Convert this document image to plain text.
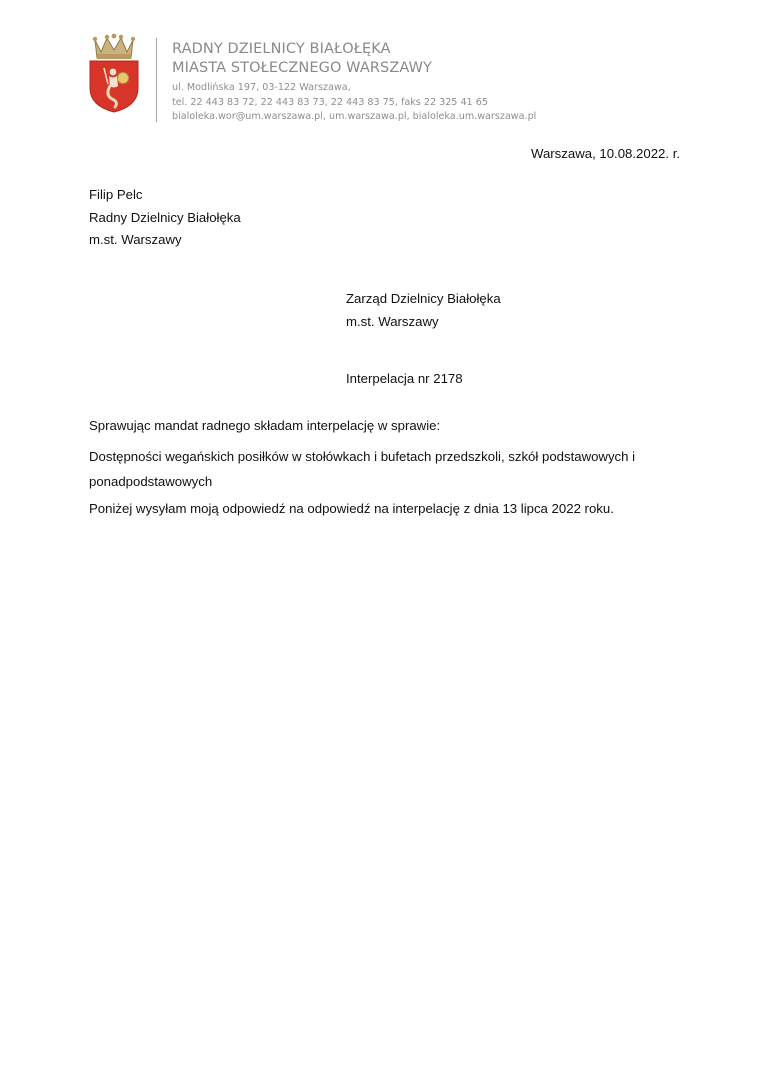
RADNY DZIELNICY BIAŁOŁĘKA
MIASTA STOŁECZNEGO WARSZAWY
ul. Modlińska 197, 03-122 Warszawa,
tel. 22 443 83 72, 22 443 83 73, 22 443 83 75, faks 22 325 41 65
bialoleka.wor@um.warszawa.pl, um.warszawa.pl, bialoleka.um.warszawa.pl
Warszawa, 10.08.2022. r.
Filip Pelc
Radny Dzielnicy Białołęka
m.st. Warszawy
Zarząd Dzielnicy Białołęka
m.st. Warszawy
Interpelacja nr 2178

Sprawując mandat radnego składam interpelację w sprawie:

Dostępności wegańskich posiłków w stołówkach i bufetach przedszkoli, szkół podstawowych i ponadpodstawowych

Poniżej wysyłam moją odpowiedź na odpowiedź na interpelację z dnia 13 lipca 2022 roku.
